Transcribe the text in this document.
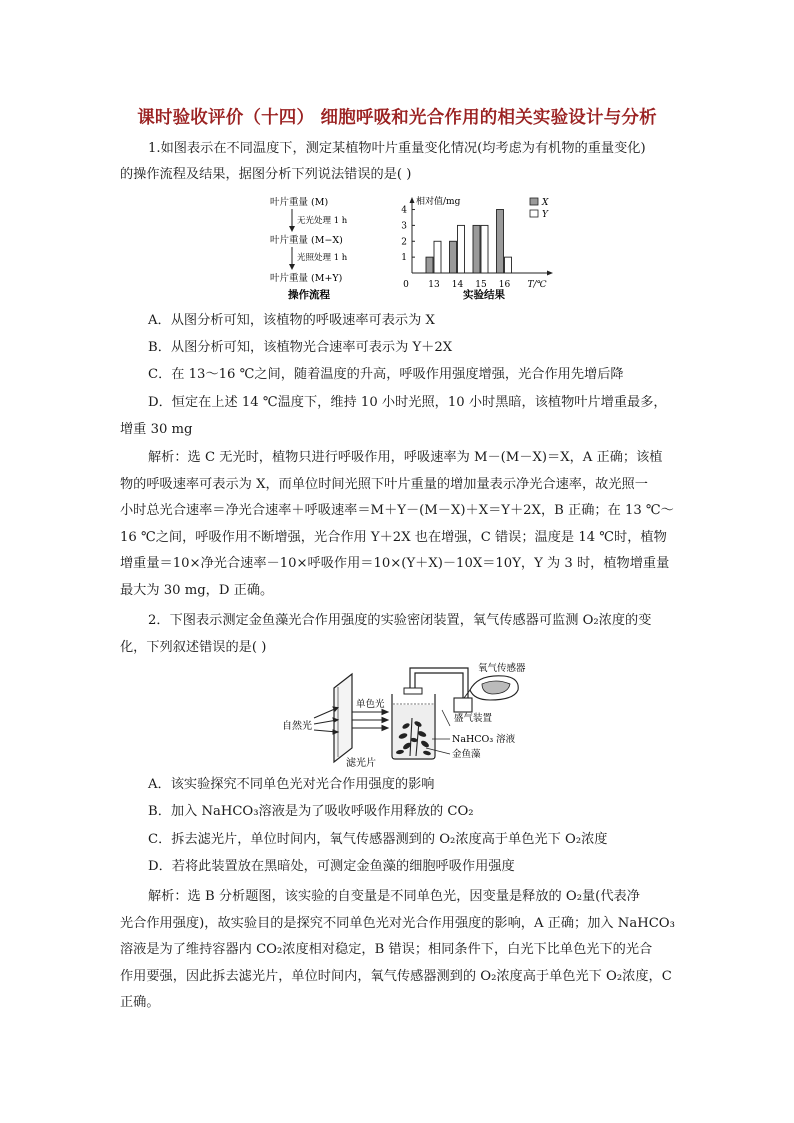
课时验收评价（十四） 细胞呼吸和光合作用的相关实验设计与分析
1.如图表示在不同温度下，测定某植物叶片重量变化情况(均考虑为有机物的重量变化)
的操作流程及结果，据图分析下列说法错误的是( )
叶片重量 (M)
无光处理 1 h
叶片重量 (M−X)
光照处理 1 h
叶片重量 (M+Y)
操作流程
相对值/mg
0	T/℃
实验结果
1
2
3
4
13 14 15 16
X
Y
A．从图分析可知，该植物的呼吸速率可表示为 X
B．从图分析可知，该植物光合速率可表示为 Y＋2X
C．在 13～16 ℃之间，随着温度的升高，呼吸作用强度增强，光合作用先增后降
D．恒定在上述 14 ℃温度下，维持 10 小时光照，10 小时黑暗，该植物叶片增重最多，
增重 30 mg
解析：选 C 无光时，植物只进行呼吸作用，呼吸速率为 M－(M－X)＝X，A 正确；该植
物的呼吸速率可表示为 X，而单位时间光照下叶片重量的增加量表示净光合速率，故光照一
小时总光合速率＝净光合速率＋呼吸速率＝M＋Y－(M－X)＋X＝Y＋2X，B 正确；在 13 ℃～
16 ℃之间，呼吸作用不断增强，光合作用 Y＋2X 也在增强，C 错误；温度是 14 ℃时，植物
增重量＝10×净光合速率－10×呼吸作用＝10×(Y＋X)－10X＝10Y，Y 为 3 时，植物增重量
最大为 30 mg，D 正确。
2．下图表示测定金鱼藻光合作用强度的实验密闭装置，氧气传感器可监测 O₂浓度的变
化，下列叙述错误的是( )
自然光
单色光
滤光片
氧气传感器
盛气装置
NaHCO₃ 溶液
金鱼藻
A．该实验探究不同单色光对光合作用强度的影响
B．加入 NaHCO₃溶液是为了吸收呼吸作用释放的 CO₂
C．拆去滤光片，单位时间内，氧气传感器测到的 O₂浓度高于单色光下 O₂浓度
D．若将此装置放在黑暗处，可测定金鱼藻的细胞呼吸作用强度
解析：选 B 分析题图，该实验的自变量是不同单色光，因变量是释放的 O₂量(代表净
光合作用强度)，故实验目的是探究不同单色光对光合作用强度的影响，A 正确；加入 NaHCO₃
溶液是为了维持容器内 CO₂浓度相对稳定，B 错误；相同条件下，白光下比单色光下的光合
作用要强，因此拆去滤光片，单位时间内，氧气传感器测到的 O₂浓度高于单色光下 O₂浓度，C
正确。
